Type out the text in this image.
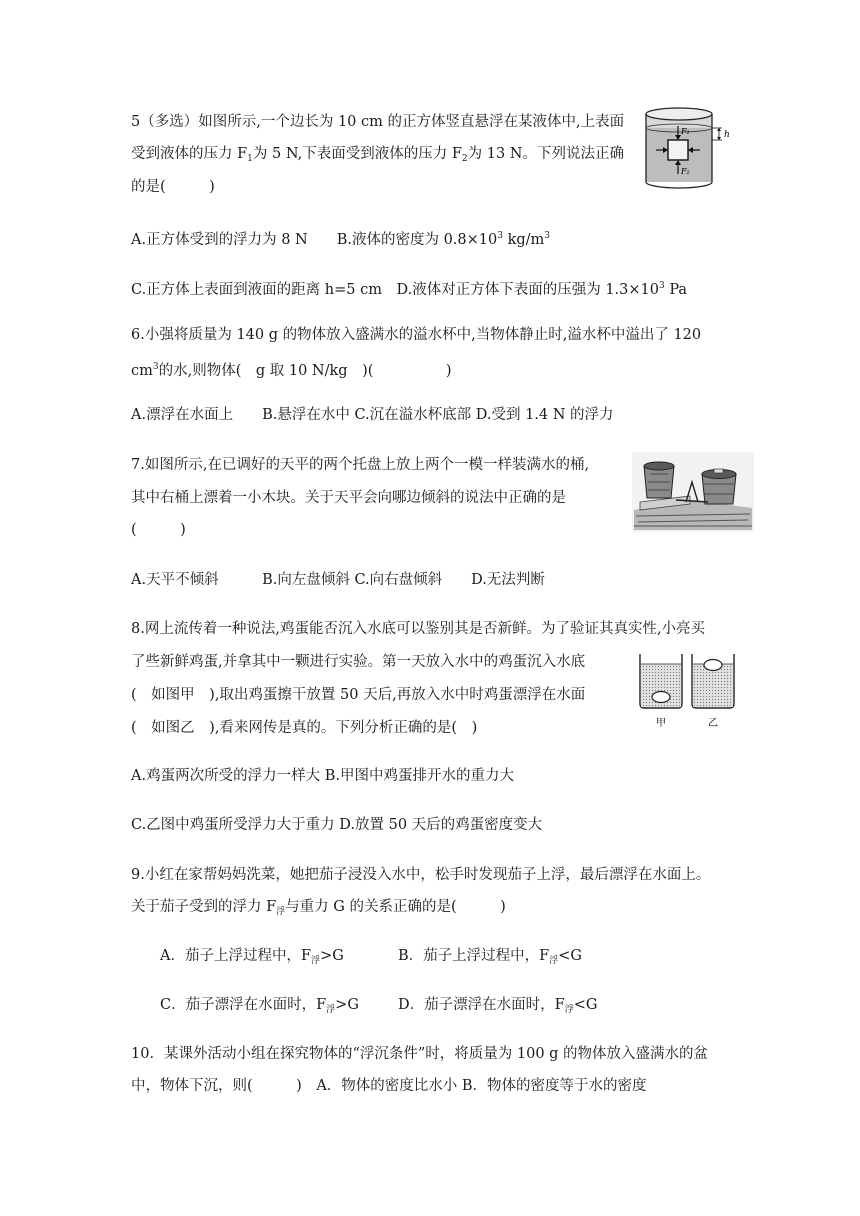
5（多选）如图所示,一个边长为 10 cm 的正方体竖直悬浮在某液体中,上表面
受到液体的压力 $F_1$为 5 N,下表面受到液体的压力 $F_2$为 13 N。下列说法正确
的是(　　　)
A.正方体受到的浮力为 8 N　　B.液体的密度为 $0.8\times 10^3$ $kg/m^3$
C.正方体上表面到液面的距离 h=5 cm　D.液体对正方体下表面的压强为 $1.3\times 10^3$ Pa
F₁
F₂
h
6.小强将质量为 140 g 的物体放入盛满水的溢水杯中,当物体静止时,溢水杯中溢出了 120
$cm^3$的水,则物体(　g 取 10 N/kg　)(　　　　　)
A.漂浮在水面上　　B.悬浮在水中 C.沉在溢水杯底部 D.受到 1.4 N 的浮力
7.如图所示,在已调好的天平的两个托盘上放上两个一模一样装满水的桶,
其中右桶上漂着一小木块。关于天平会向哪边倾斜的说法中正确的是
(　　　)
A.天平不倾斜　　　B.向左盘倾斜 C.向右盘倾斜　　D.无法判断
8.网上流传着一种说法,鸡蛋能否沉入水底可以鉴别其是否新鲜。为了验证其真实性,小亮买
了些新鲜鸡蛋,并拿其中一颗进行实验。第一天放入水中的鸡蛋沉入水底
(　如图甲　),取出鸡蛋擦干放置 50 天后,再放入水中时鸡蛋漂浮在水面
(　如图乙　),看来网传是真的。下列分析正确的是(　)
A.鸡蛋两次所受的浮力一样大 B.甲图中鸡蛋排开水的重力大
C.乙图中鸡蛋所受浮力大于重力 D.放置 50 天后的鸡蛋密度变大
甲	乙
9.小红在家帮妈妈洗菜，她把茄子浸没入水中，松手时发现茄子上浮，最后漂浮在水面上。
关于茄子受到的浮力 $F_浮$与重力 G 的关系正确的是(　　　)
A．茄子上浮过程中，$F_浮>G$	B．茄子上浮过程中，$F_浮<G$
C．茄子漂浮在水面时，$F_浮>G$	D．茄子漂浮在水面时，$F_浮<G$
10．某课外活动小组在探究物体的“浮沉条件”时，将质量为 100 g 的物体放入盛满水的盆
中，物体下沉，则(　　　)　A．物体的密度比水小 B．物体的密度等于水的密度
